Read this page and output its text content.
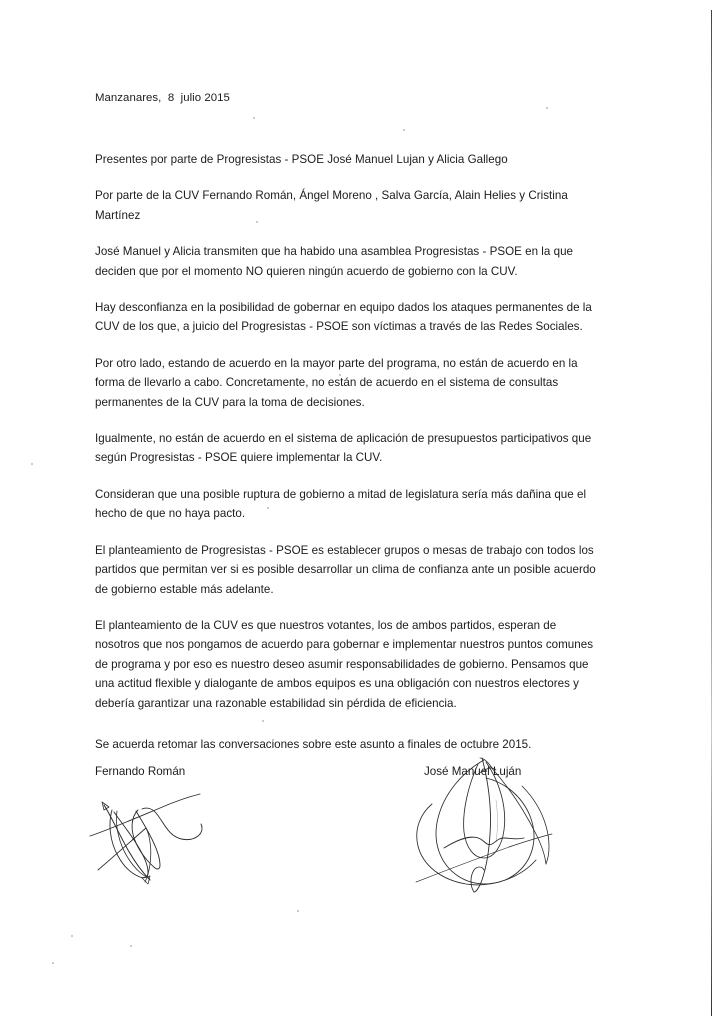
Manzanares,  8  julio 2015

Presentes por parte de Progresistas - PSOE José Manuel Lujan y Alicia Gallego

Por parte de la CUV Fernando Román, Ángel Moreno , Salva García, Alain Helies y Cristina Martínez

José Manuel y Alicia transmiten que ha habido una asamblea Progresistas - PSOE en la que deciden que por el momento NO quieren ningún acuerdo de gobierno con la CUV.

Hay desconfianza en la posibilidad de gobernar en equipo dados los ataques permanentes de la CUV de los que, a juicio del Progresistas - PSOE son víctimas a través de las Redes Sociales.

Por otro lado, estando de acuerdo en la mayor parte del programa, no están de acuerdo en la forma de llevarlo a cabo. Concretamente, no están de acuerdo en el sistema de consultas permanentes de la CUV para la toma de decisiones.

Igualmente, no están de acuerdo en el sistema de aplicación de presupuestos participativos que según Progresistas - PSOE quiere implementar la CUV.

Consideran que una posible ruptura de gobierno a mitad de legislatura sería más dañina que el hecho de que no haya pacto.

El planteamiento de Progresistas - PSOE es establecer grupos o mesas de trabajo con todos los partidos que permitan ver si es posible desarrollar un clima de confianza ante un posible acuerdo de gobierno estable más adelante.

El planteamiento de la CUV es que nuestros votantes, los de ambos partidos, esperan de nosotros que nos pongamos de acuerdo para gobernar e implementar nuestros puntos comunes de programa y por eso es nuestro deseo asumir responsabilidades de gobierno. Pensamos que una actitud flexible y dialogante de ambos equipos es una obligación con nuestros electores y debería garantizar una razonable estabilidad sin pérdida de eficiencia.

Se acuerda retomar las conversaciones sobre este asunto a finales de octubre 2015.

Fernando Román	José Manuel Luján
